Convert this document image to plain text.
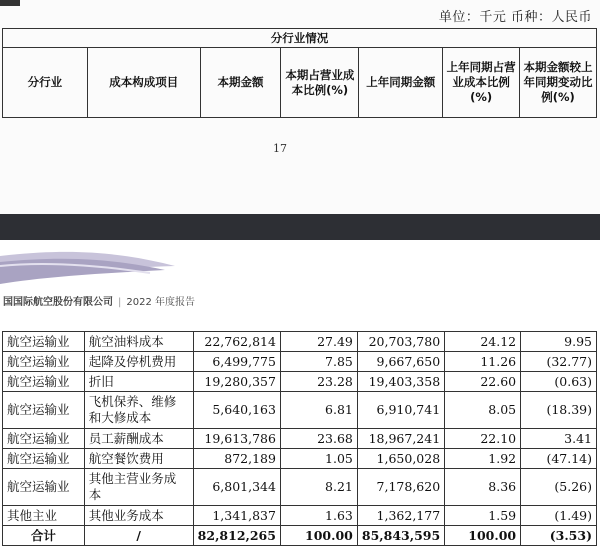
单位：千元 币种：人民币
分行业情况
分行业	成本构成项目	本期金额	本期占营业成本比例(%)	上年同期金额	上年同期占营业成本比例(%)	本期金额较上年同期变动比例(%)
17
国国际航空股份有限公司 | 2022 年度报告
航空运输业	航空油料成本	22,762,814	27.49	20,703,780	24.12	9.95
航空运输业	起降及停机费用	6,499,775	7.85	9,667,650	11.26	(32.77)
航空运输业	折旧	19,280,357	23.28	19,403,358	22.60	(0.63)
航空运输业	飞机保养、维修和大修成本	5,640,163	6.81	6,910,741	8.05	(18.39)
航空运输业	员工薪酬成本	19,613,786	23.68	18,967,241	22.10	3.41
航空运输业	航空餐饮费用	872,189	1.05	1,650,028	1.92	(47.14)
航空运输业	其他主营业务成本	6,801,344	8.21	7,178,620	8.36	(5.26)
其他主业	其他业务成本	1,341,837	1.63	1,362,177	1.59	(1.49)
合计	/	82,812,265	100.00	85,843,595	100.00	(3.53)
